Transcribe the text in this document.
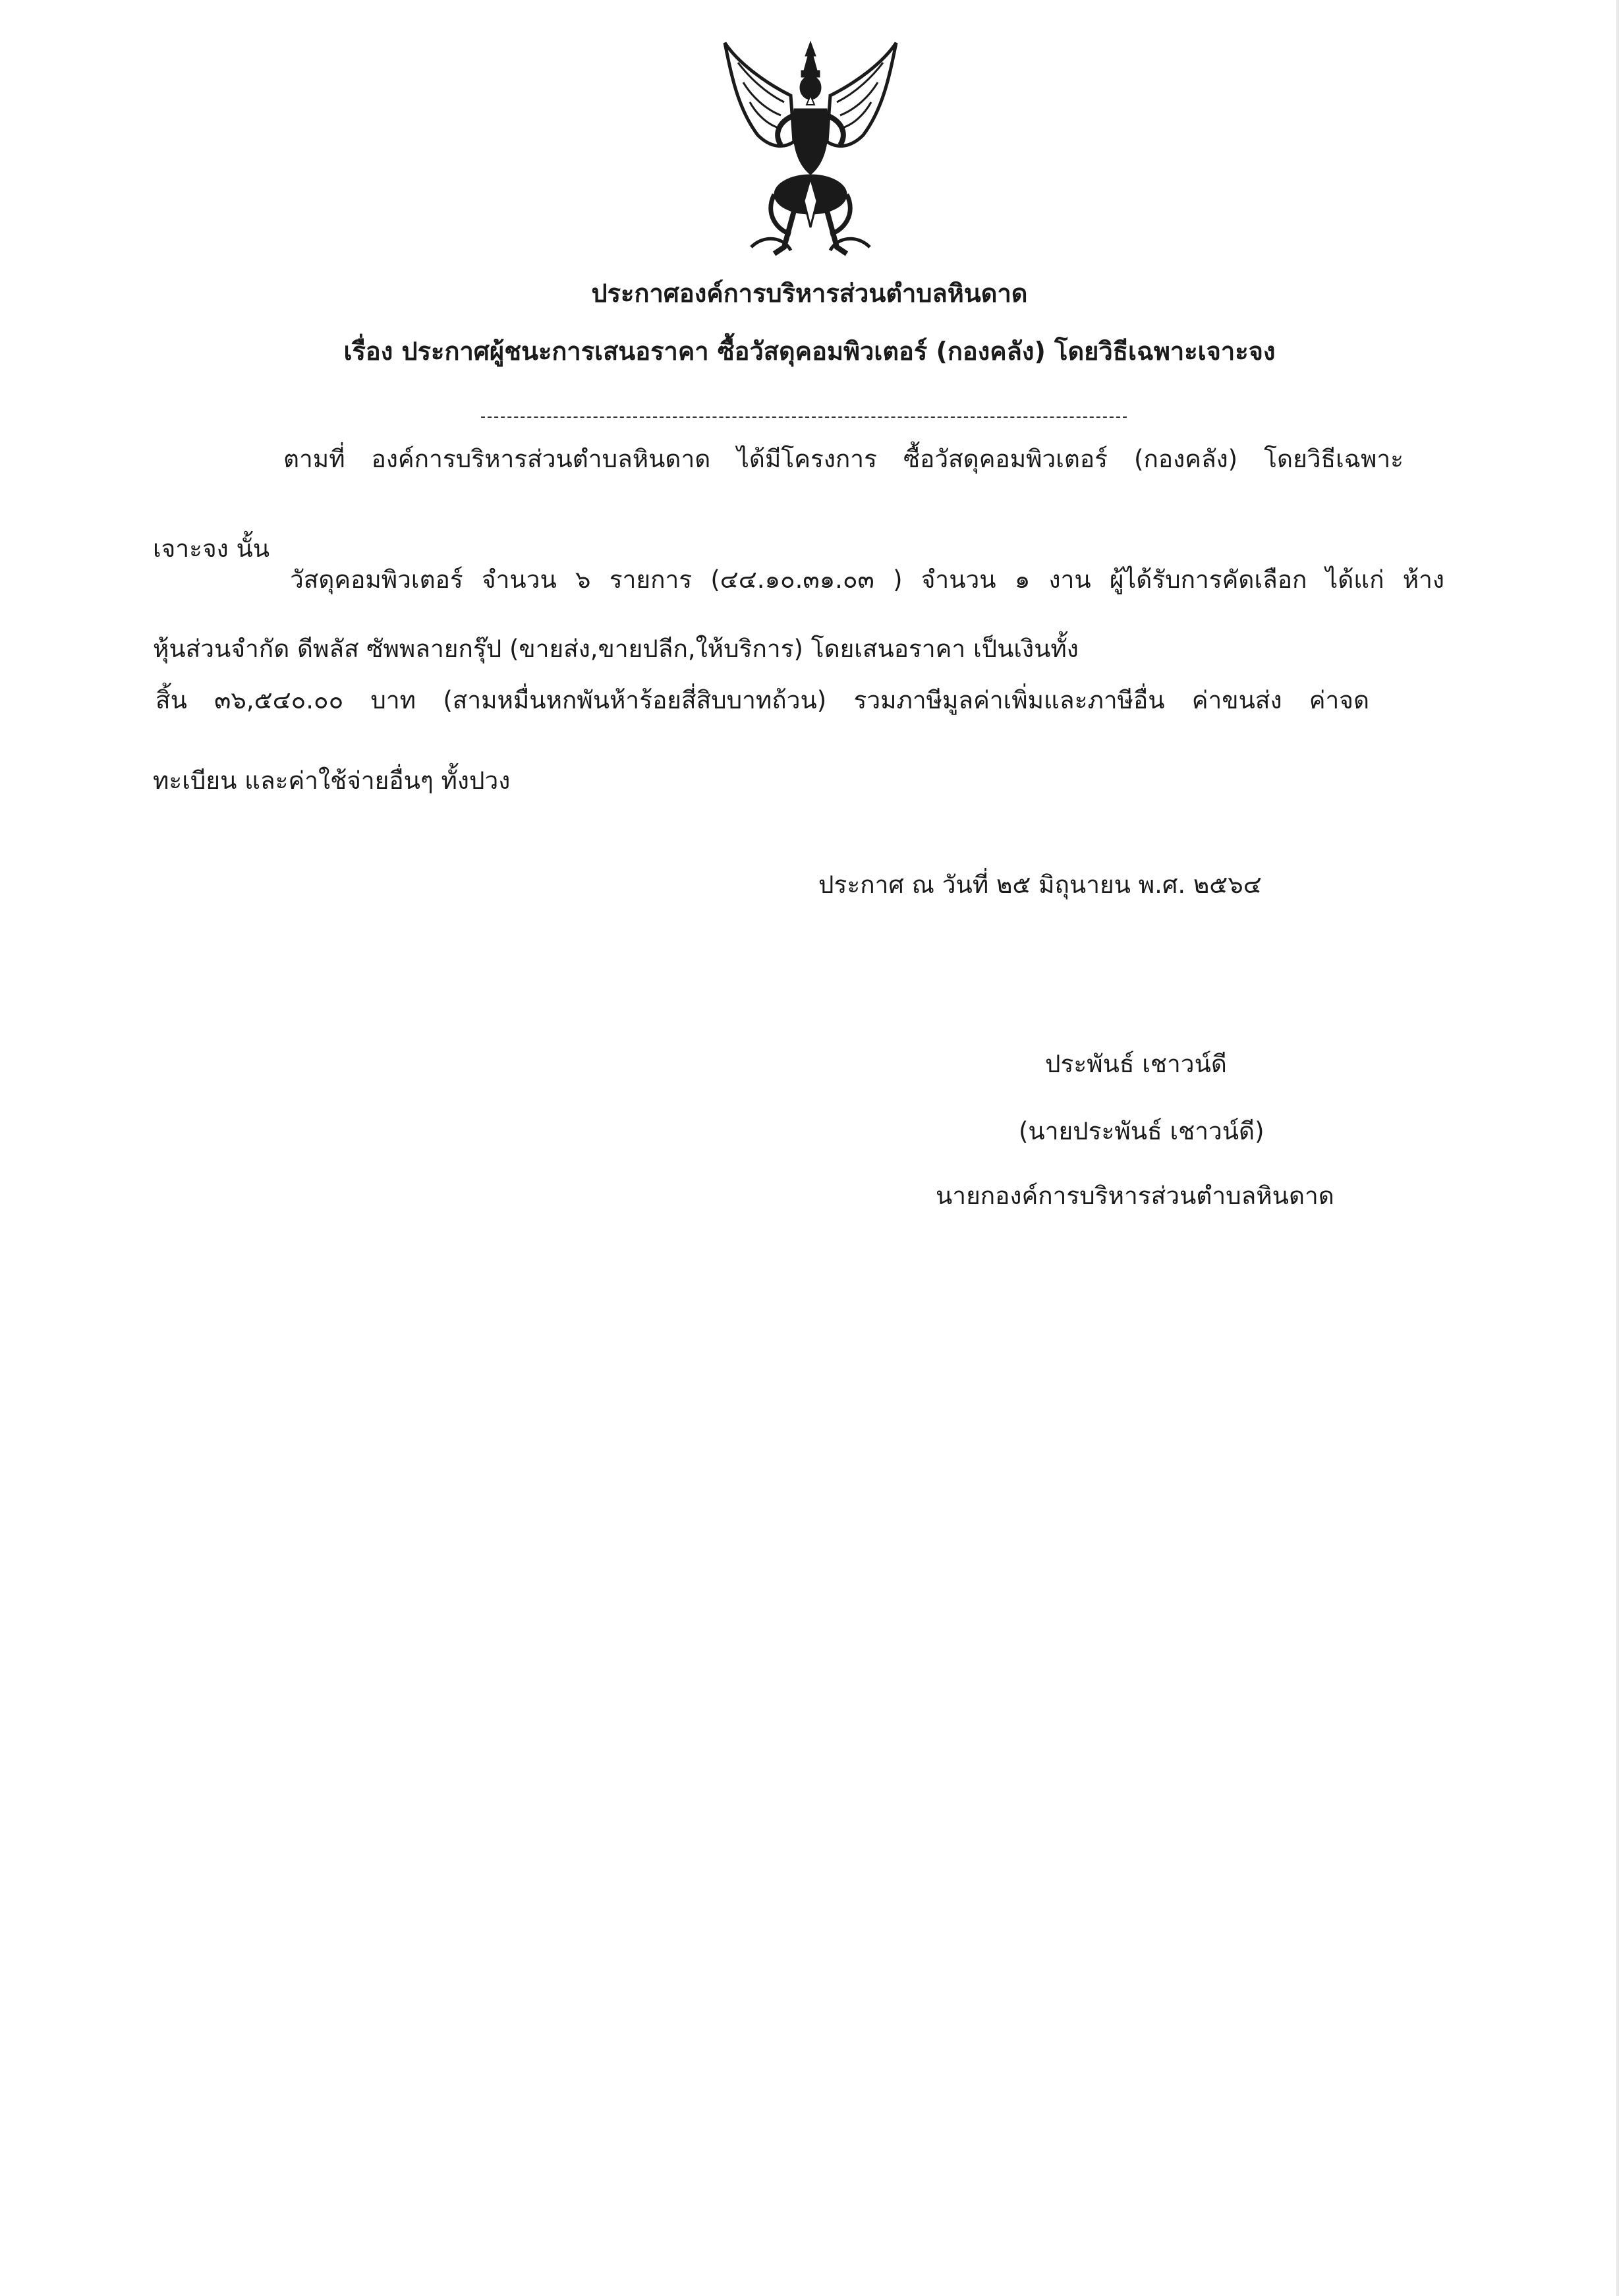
ประกาศองค์การบริหารส่วนตำบลหินดาด
เรื่อง ประกาศผู้ชนะการเสนอราคา ซื้อวัสดุคอมพิวเตอร์ (กองคลัง) โดยวิธีเฉพาะเจาะจง
ตามที่ องค์การบริหารส่วนตำบลหินดาด ได้มีโครงการ ซื้อวัสดุคอมพิวเตอร์ (กองคลัง) โดยวิธีเฉพาะ
เจาะจง นั้น
วัสดุคอมพิวเตอร์ จำนวน ๖ รายการ (๔๔.๑๐.๓๑.๐๓ ) จำนวน ๑ งาน ผู้ได้รับการคัดเลือก ได้แก่ ห้าง
หุ้นส่วนจำกัด ดีพลัส ซัพพลายกรุ๊ป (ขายส่ง,ขายปลีก,ให้บริการ) โดยเสนอราคา เป็นเงินทั้ง
สิ้น ๓๖,๕๔๐.๐๐ บาท (สามหมื่นหกพันห้าร้อยสี่สิบบาทถ้วน) รวมภาษีมูลค่าเพิ่มและภาษีอื่น ค่าขนส่ง ค่าจด
ทะเบียน และค่าใช้จ่ายอื่นๆ ทั้งปวง
ประกาศ ณ วันที่ ๒๕ มิถุนายน พ.ศ. ๒๕๖๔
ประพันธ์ เชาวน์ดี
(นายประพันธ์ เชาวน์ดี)
นายกองค์การบริหารส่วนตำบลหินดาด
